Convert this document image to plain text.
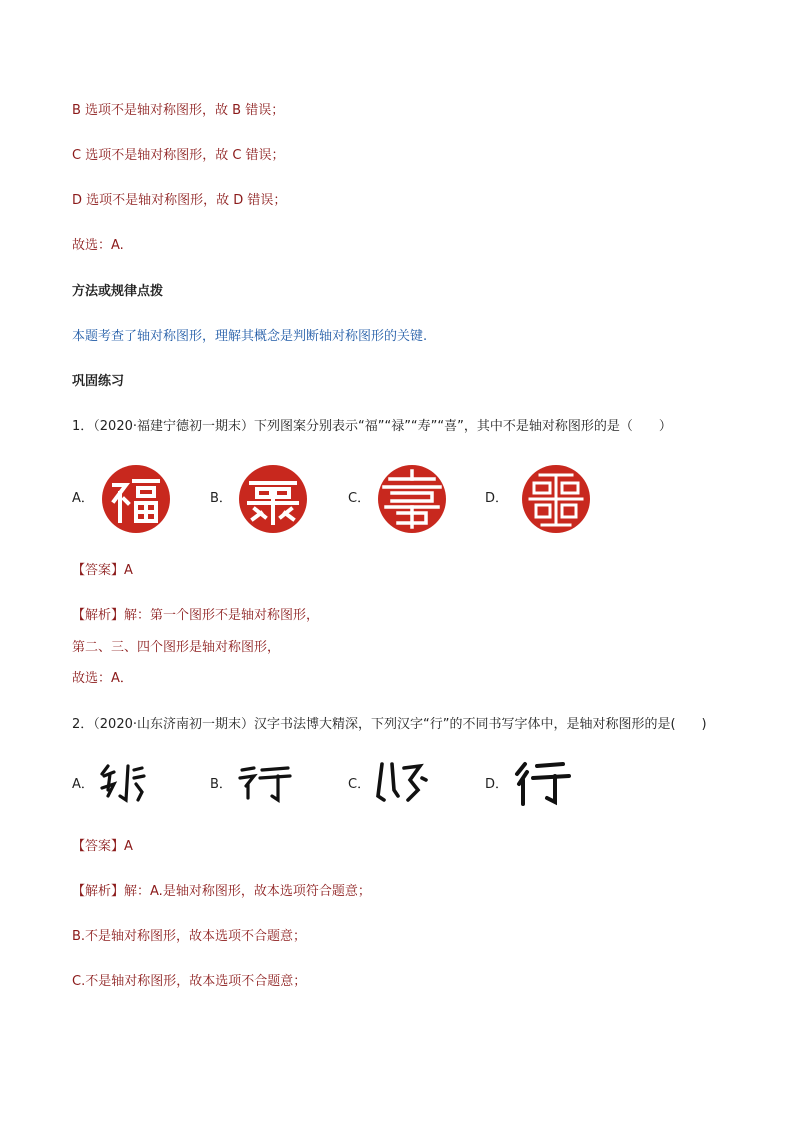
B 选项不是轴对称图形，故 B 错误；
C 选项不是轴对称图形，故 C 错误；
D 选项不是轴对称图形，故 D 错误；
故选：A.
方法或规律点拨
本题考查了轴对称图形，理解其概念是判断轴对称图形的关键.
巩固练习
1．（2020·福建宁德初一期末）下列图案分别表示“福”“禄”“寿”“喜”，其中不是轴对称图形的是（　　）
A．	B．	C．	D．
【答案】A
【解析】解：第一个图形不是轴对称图形，
第二、三、四个图形是轴对称图形，
故选：A．
2．（2020·山东济南初一期末）汉字书法博大精深，下列汉字“行”的不同书写字体中，是轴对称图形的是(　　)
A．	B．	C．	D．
【答案】A
【解析】解：A.是轴对称图形，故本选项符合题意；
B.不是轴对称图形，故本选项不合题意；
C.不是轴对称图形，故本选项不合题意；
